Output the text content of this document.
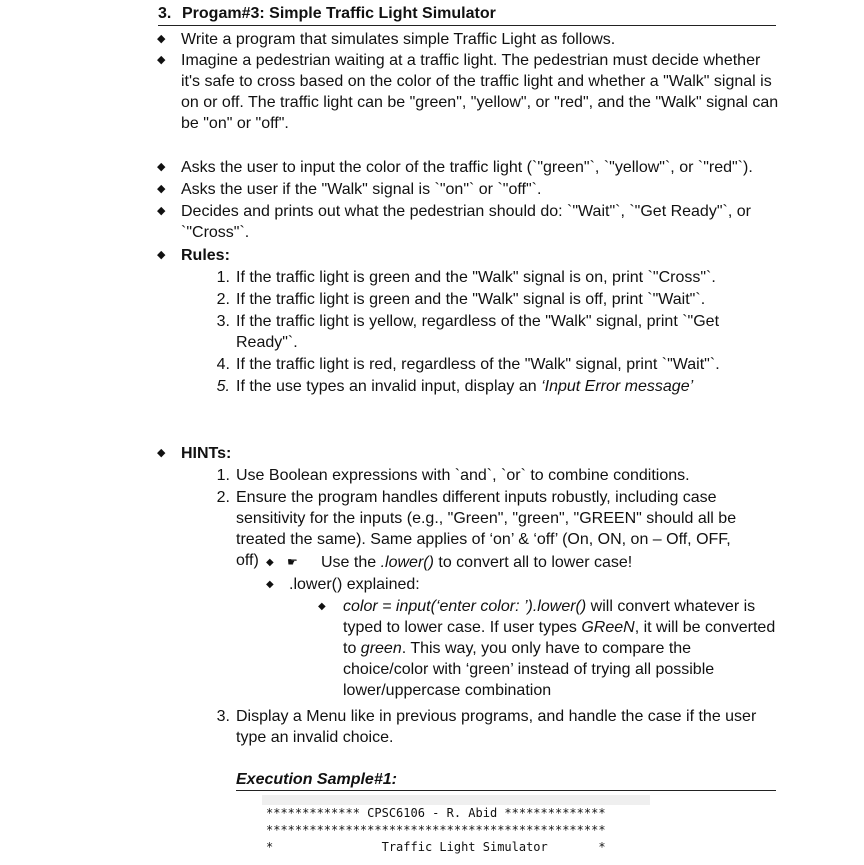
3. Progam#3: Simple Traffic Light Simulator
◆ Write a program that simulates simple Traffic Light as follows.
◆ Imagine a pedestrian waiting at a traffic light. The pedestrian must decide whether it's safe to cross based on the color of the traffic light and whether a "Walk" signal is on or off. The traffic light can be "green", "yellow", or "red", and the "Walk" signal can be "on" or "off".
◆ Asks the user to input the color of the traffic light (`"green"`, `"yellow"`, or `"red"`).
◆ Asks the user if the "Walk" signal is `"on"` or `"off"`.
◆ Decides and prints out what the pedestrian should do: `"Wait"`, `"Get Ready"`, or `"Cross"`.
◆ Rules:
1. If the traffic light is green and the "Walk" signal is on, print `"Cross"`.
2. If the traffic light is green and the "Walk" signal is off, print `"Wait"`.
3. If the traffic light is yellow, regardless of the "Walk" signal, print `"Get Ready"`.
4. If the traffic light is red, regardless of the "Walk" signal, print `"Wait"`.
5. If the use types an invalid input, display an ‘Input Error message’
◆ HINTs:
1. Use Boolean expressions with `and`, `or` to combine conditions.
2. Ensure the program handles different inputs robustly, including case sensitivity for the inputs (e.g., "Green", "green", "GREEN" should all be treated the same). Same applies of ‘on’ & ‘off’ (On, ON, on – Off, OFF, off) ◆ ☛ Use the .lower() to convert all to lower case!
◆ .lower() explained:
◆ color = input(‘enter color: ’).lower() will convert whatever is typed to lower case. If user types GReeN, it will be converted to green. This way, you only have to compare the choice/color with ‘green’ instead of trying all possible lower/uppercase combination
3. Display a Menu like in previous programs, and handle the case if the user type an invalid choice.
Execution Sample#1:
************* CPSC6106 - R. Abid **************
***********************************************
*               Traffic Light Simulator       *
